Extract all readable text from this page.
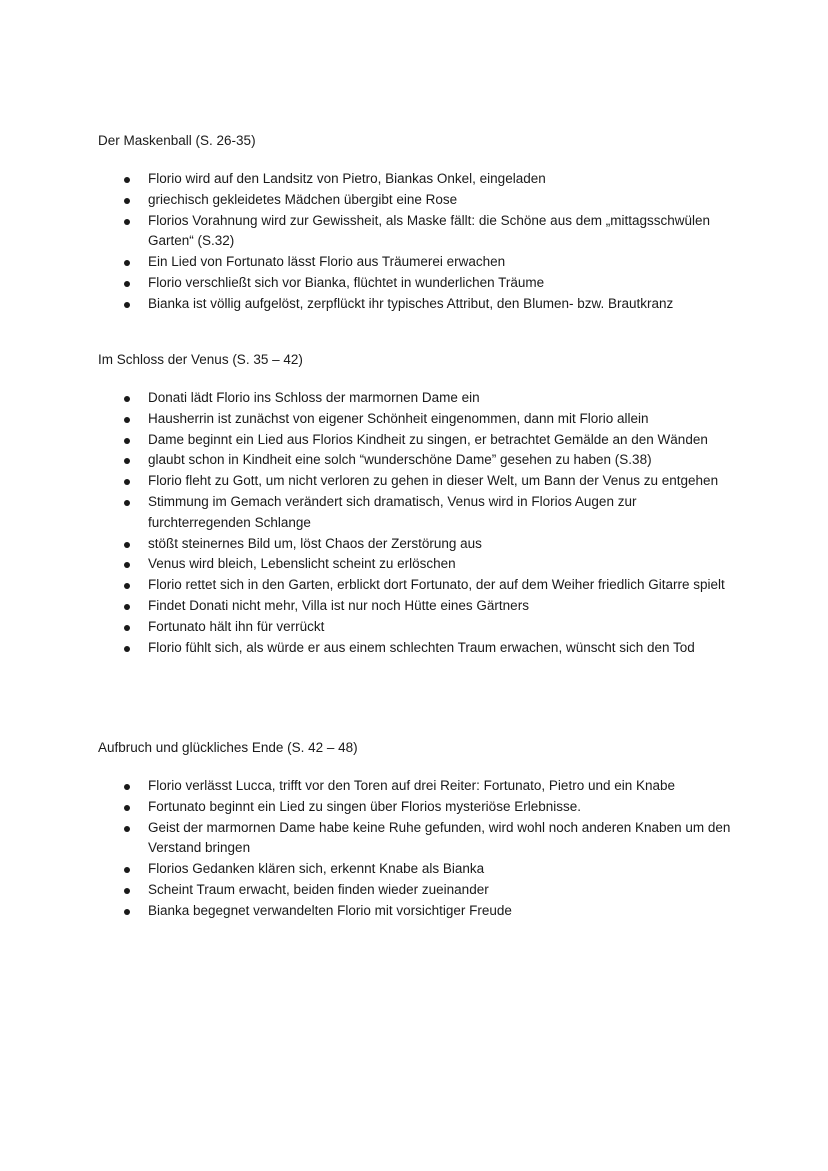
Der Maskenball (S. 26-35)
Florio wird auf den Landsitz von Pietro, Biankas Onkel, eingeladen
griechisch gekleidetes Mädchen übergibt eine Rose
Florios Vorahnung wird zur Gewissheit, als Maske fällt: die Schöne aus dem „mittagsschwülen Garten“ (S.32)
Ein Lied von Fortunato lässt Florio aus Träumerei erwachen
Florio verschließt sich vor Bianka, flüchtet in wunderlichen Träume
Bianka ist völlig aufgelöst, zerpflückt ihr typisches Attribut, den Blumen- bzw. Brautkranz
Im Schloss der Venus (S. 35 – 42)
Donati lädt Florio ins Schloss der marmornen Dame ein
Hausherrin ist zunächst von eigener Schönheit eingenommen, dann mit Florio allein
Dame beginnt ein Lied aus Florios Kindheit zu singen, er betrachtet Gemälde an den Wänden
glaubt schon in Kindheit eine solch “wunderschöne Dame” gesehen zu haben (S.38)
Florio fleht zu Gott, um nicht verloren zu gehen in dieser Welt, um Bann der Venus zu entgehen
Stimmung im Gemach verändert sich dramatisch, Venus wird in Florios Augen zur furchterregenden Schlange
stößt steinernes Bild um, löst Chaos der Zerstörung aus
Venus wird bleich, Lebenslicht scheint zu erlöschen
Florio rettet sich in den Garten, erblickt dort Fortunato, der auf dem Weiher friedlich Gitarre spielt
Findet Donati nicht mehr, Villa ist nur noch Hütte eines Gärtners
Fortunato hält ihn für verrückt
Florio fühlt sich, als würde er aus einem schlechten Traum erwachen, wünscht sich den Tod
Aufbruch und glückliches Ende (S. 42 – 48)
Florio verlässt Lucca, trifft vor den Toren auf drei Reiter: Fortunato, Pietro und ein Knabe
Fortunato beginnt ein Lied zu singen über Florios mysteriöse Erlebnisse.
Geist der marmornen Dame habe keine Ruhe gefunden, wird wohl noch anderen Knaben um den Verstand bringen
Florios Gedanken klären sich, erkennt Knabe als Bianka
Scheint Traum erwacht, beiden finden wieder zueinander
Bianka begegnet verwandelten Florio mit vorsichtiger Freude
